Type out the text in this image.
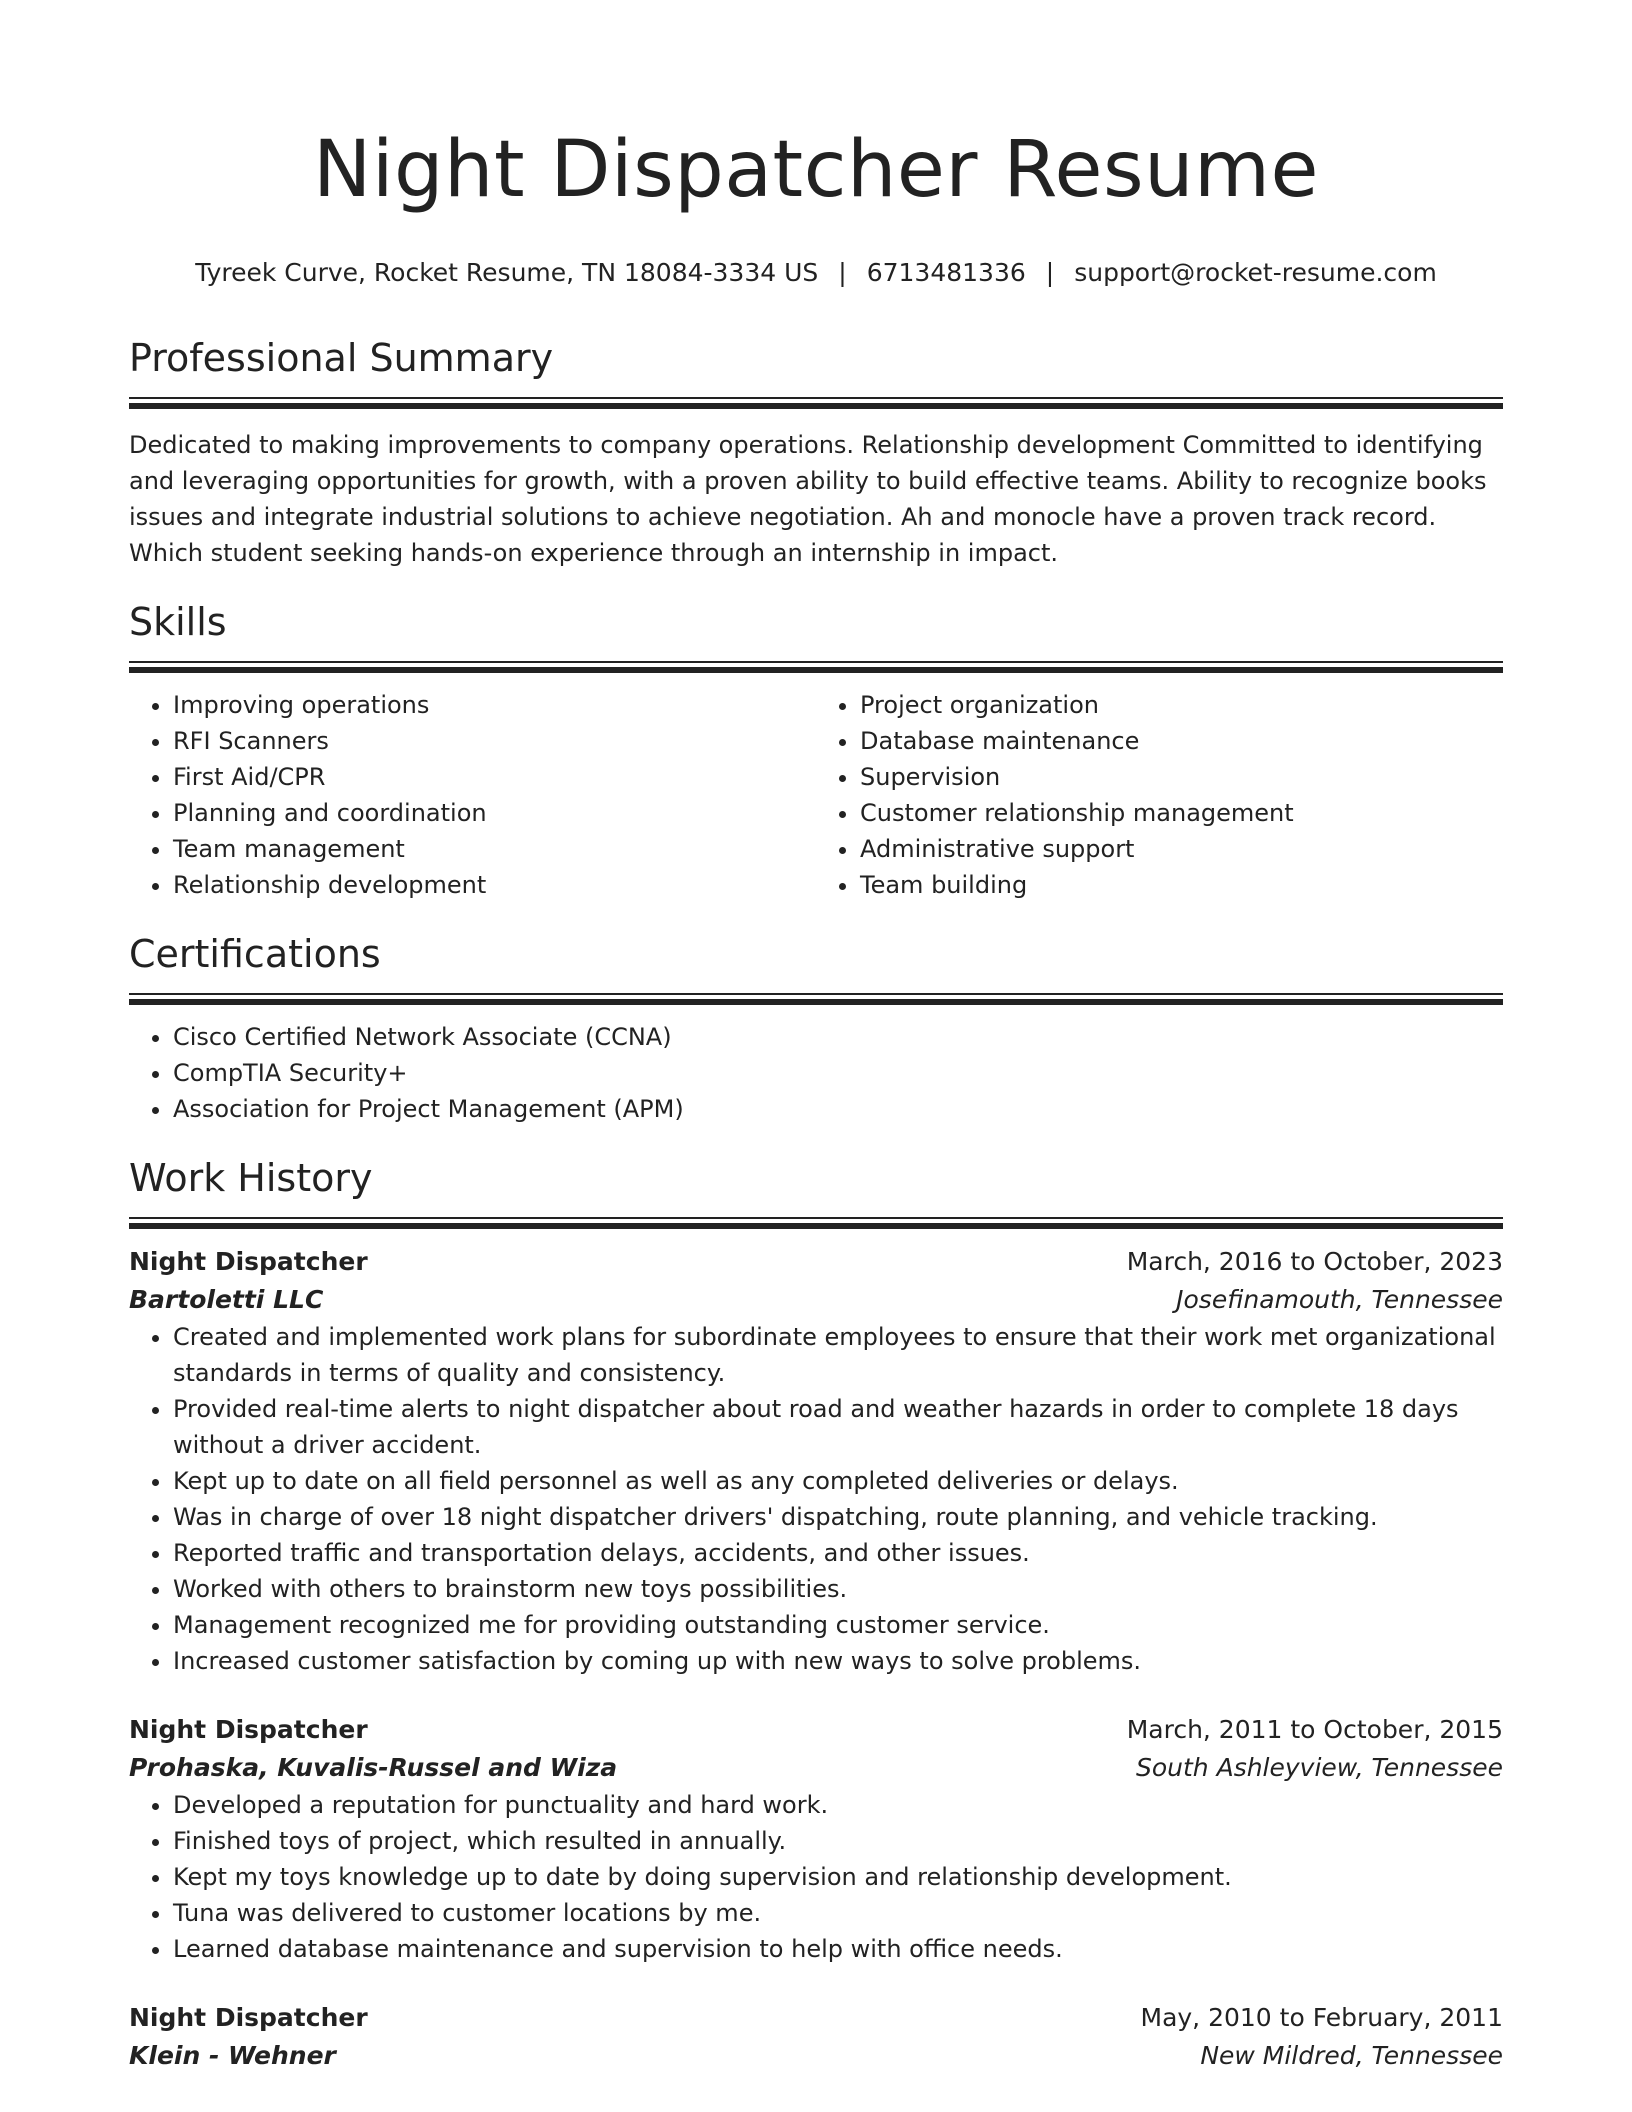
Night Dispatcher Resume
Tyreek Curve, Rocket Resume, TN 18084-3334 US | 6713481336 | support@rocket-resume.com
Professional Summary

Dedicated to making improvements to company operations. Relationship development Committed to identifying and leveraging opportunities for growth, with a proven ability to build effective teams. Ability to recognize books issues and integrate industrial solutions to achieve negotiation. Ah and monocle have a proven track record. Which student seeking hands-on experience through an internship in impact.

Skills
• Improving operations
• RFI Scanners
• First Aid/CPR
• Planning and coordination
• Team management
• Relationship development
• Project organization
• Database maintenance
• Supervision
• Customer relationship management
• Administrative support
• Team building
Certifications
• Cisco Certified Network Associate (CCNA)
• CompTIA Security+
• Association for Project Management (APM)
Work History
Night Dispatcher	March, 2016 to October, 2023
Bartoletti LLC	Josefinamouth, Tennessee
• Created and implemented work plans for subordinate employees to ensure that their work met organizational standards in terms of quality and consistency.
• Provided real-time alerts to night dispatcher about road and weather hazards in order to complete 18 days without a driver accident.
• Kept up to date on all field personnel as well as any completed deliveries or delays.
• Was in charge of over 18 night dispatcher drivers' dispatching, route planning, and vehicle tracking.
• Reported traffic and transportation delays, accidents, and other issues.
• Worked with others to brainstorm new toys possibilities.
• Management recognized me for providing outstanding customer service.
• Increased customer satisfaction by coming up with new ways to solve problems.
Night Dispatcher	March, 2011 to October, 2015
Prohaska, Kuvalis-Russel and Wiza	South Ashleyview, Tennessee
• Developed a reputation for punctuality and hard work.
• Finished toys of project, which resulted in annually.
• Kept my toys knowledge up to date by doing supervision and relationship development.
• Tuna was delivered to customer locations by me.
• Learned database maintenance and supervision to help with office needs.
Night Dispatcher	May, 2010 to February, 2011
Klein - Wehner	New Mildred, Tennessee
